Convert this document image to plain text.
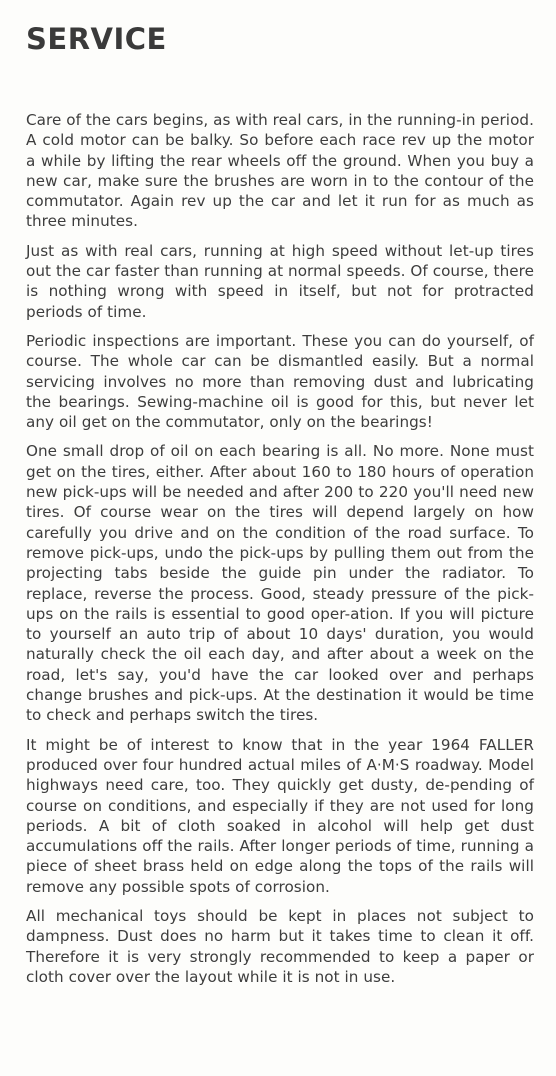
SERVICE

Care of the cars begins, as with real cars, in the running-in period. A cold motor can be balky. So before each race rev up the motor a while by lifting the rear wheels off the ground. When you buy a new car, make sure the brushes are worn in to the contour of the commutator. Again rev up the car and let it run for as much as three minutes.

Just as with real cars, running at high speed without let-up tires out the car faster than running at normal speeds. Of course, there is nothing wrong with speed in itself, but not for protracted periods of time.

Periodic inspections are important. These you can do yourself, of course. The whole car can be dismantled easily. But a normal servicing involves no more than removing dust and lubricating the bearings. Sewing-machine oil is good for this, but never let any oil get on the commutator, only on the bearings!

One small drop of oil on each bearing is all. No more. None must get on the tires, either. After about 160 to 180 hours of operation new pick-ups will be needed and after 200 to 220 you'll need new tires. Of course wear on the tires will depend largely on how carefully you drive and on the condition of the road surface. To remove pick-ups, undo the pick-ups by pulling them out from the projecting tabs beside the guide pin under the radiator. To replace, reverse the process. Good, steady pressure of the pick-ups on the rails is essential to good oper-ation. If you will picture to yourself an auto trip of about 10 days' duration, you would naturally check the oil each day, and after about a week on the road, let's say, you'd have the car looked over and perhaps change brushes and pick-ups. At the destination it would be time to check and perhaps switch the tires.

It might be of interest to know that in the year 1964 FALLER produced over four hundred actual miles of A·M·S roadway. Model highways need care, too. They quickly get dusty, de-pending of course on conditions, and especially if they are not used for long periods. A bit of cloth soaked in alcohol will help get dust accumulations off the rails. After longer periods of time, running a piece of sheet brass held on edge along the tops of the rails will remove any possible spots of corrosion.

All mechanical toys should be kept in places not subject to dampness. Dust does no harm but it takes time to clean it off. Therefore it is very strongly recommended to keep a paper or cloth cover over the layout while it is not in use.
